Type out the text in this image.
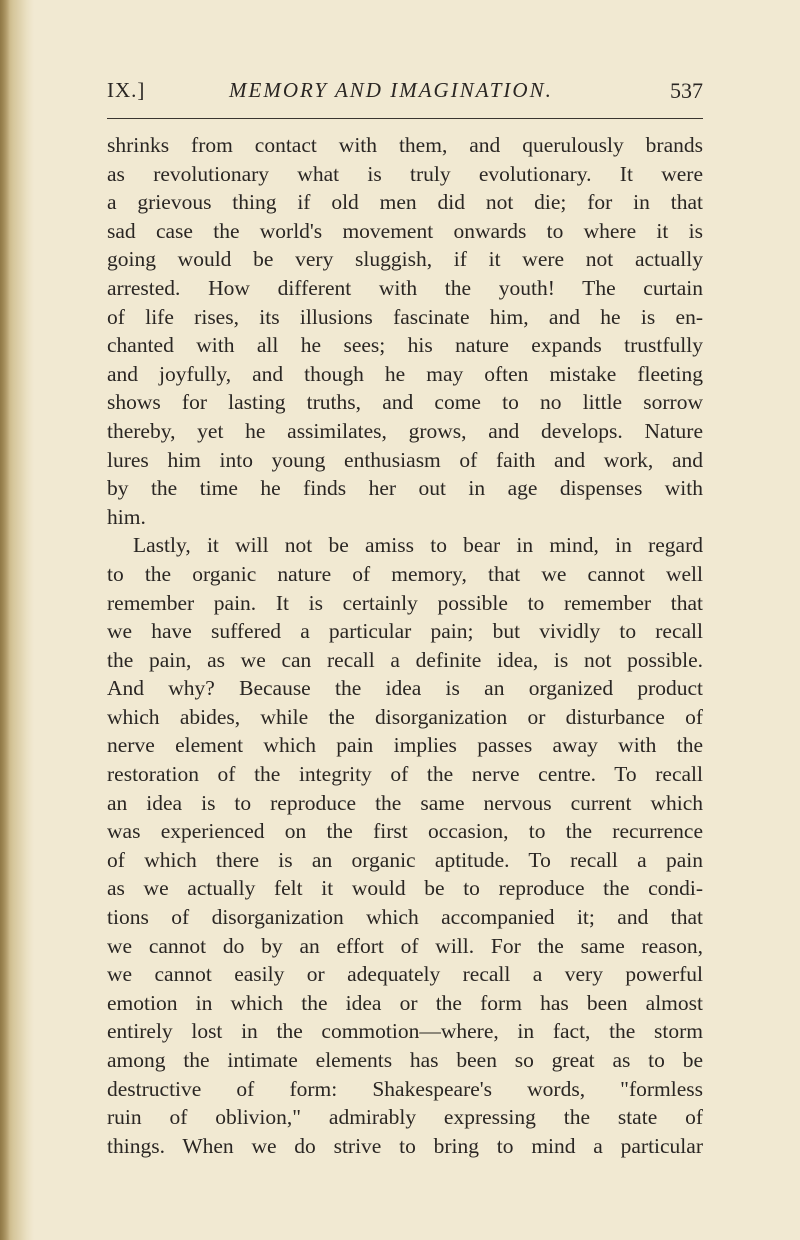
IX.]	MEMORY AND IMAGINATION.	537
shrinks from contact with them, and querulously brands
as revolutionary what is truly evolutionary. It were
a grievous thing if old men did not die; for in that
sad case the world's movement onwards to where it is
going would be very sluggish, if it were not actually
arrested. How different with the youth! The curtain
of life rises, its illusions fascinate him, and he is en-
chanted with all he sees; his nature expands trustfully
and joyfully, and though he may often mistake fleeting
shows for lasting truths, and come to no little sorrow
thereby, yet he assimilates, grows, and develops. Nature
lures him into young enthusiasm of faith and work, and
by the time he finds her out in age dispenses with
him.
Lastly, it will not be amiss to bear in mind, in regard
to the organic nature of memory, that we cannot well
remember pain. It is certainly possible to remember that
we have suffered a particular pain; but vividly to recall
the pain, as we can recall a definite idea, is not possible.
And why? Because the idea is an organized product
which abides, while the disorganization or disturbance of
nerve element which pain implies passes away with the
restoration of the integrity of the nerve centre. To recall
an idea is to reproduce the same nervous current which
was experienced on the first occasion, to the recurrence
of which there is an organic aptitude. To recall a pain
as we actually felt it would be to reproduce the condi-
tions of disorganization which accompanied it; and that
we cannot do by an effort of will. For the same reason,
we cannot easily or adequately recall a very powerful
emotion in which the idea or the form has been almost
entirely lost in the commotion—where, in fact, the storm
among the intimate elements has been so great as to be
destructive of form: Shakespeare's words, "formless
ruin of oblivion," admirably expressing the state of
things. When we do strive to bring to mind a particular
